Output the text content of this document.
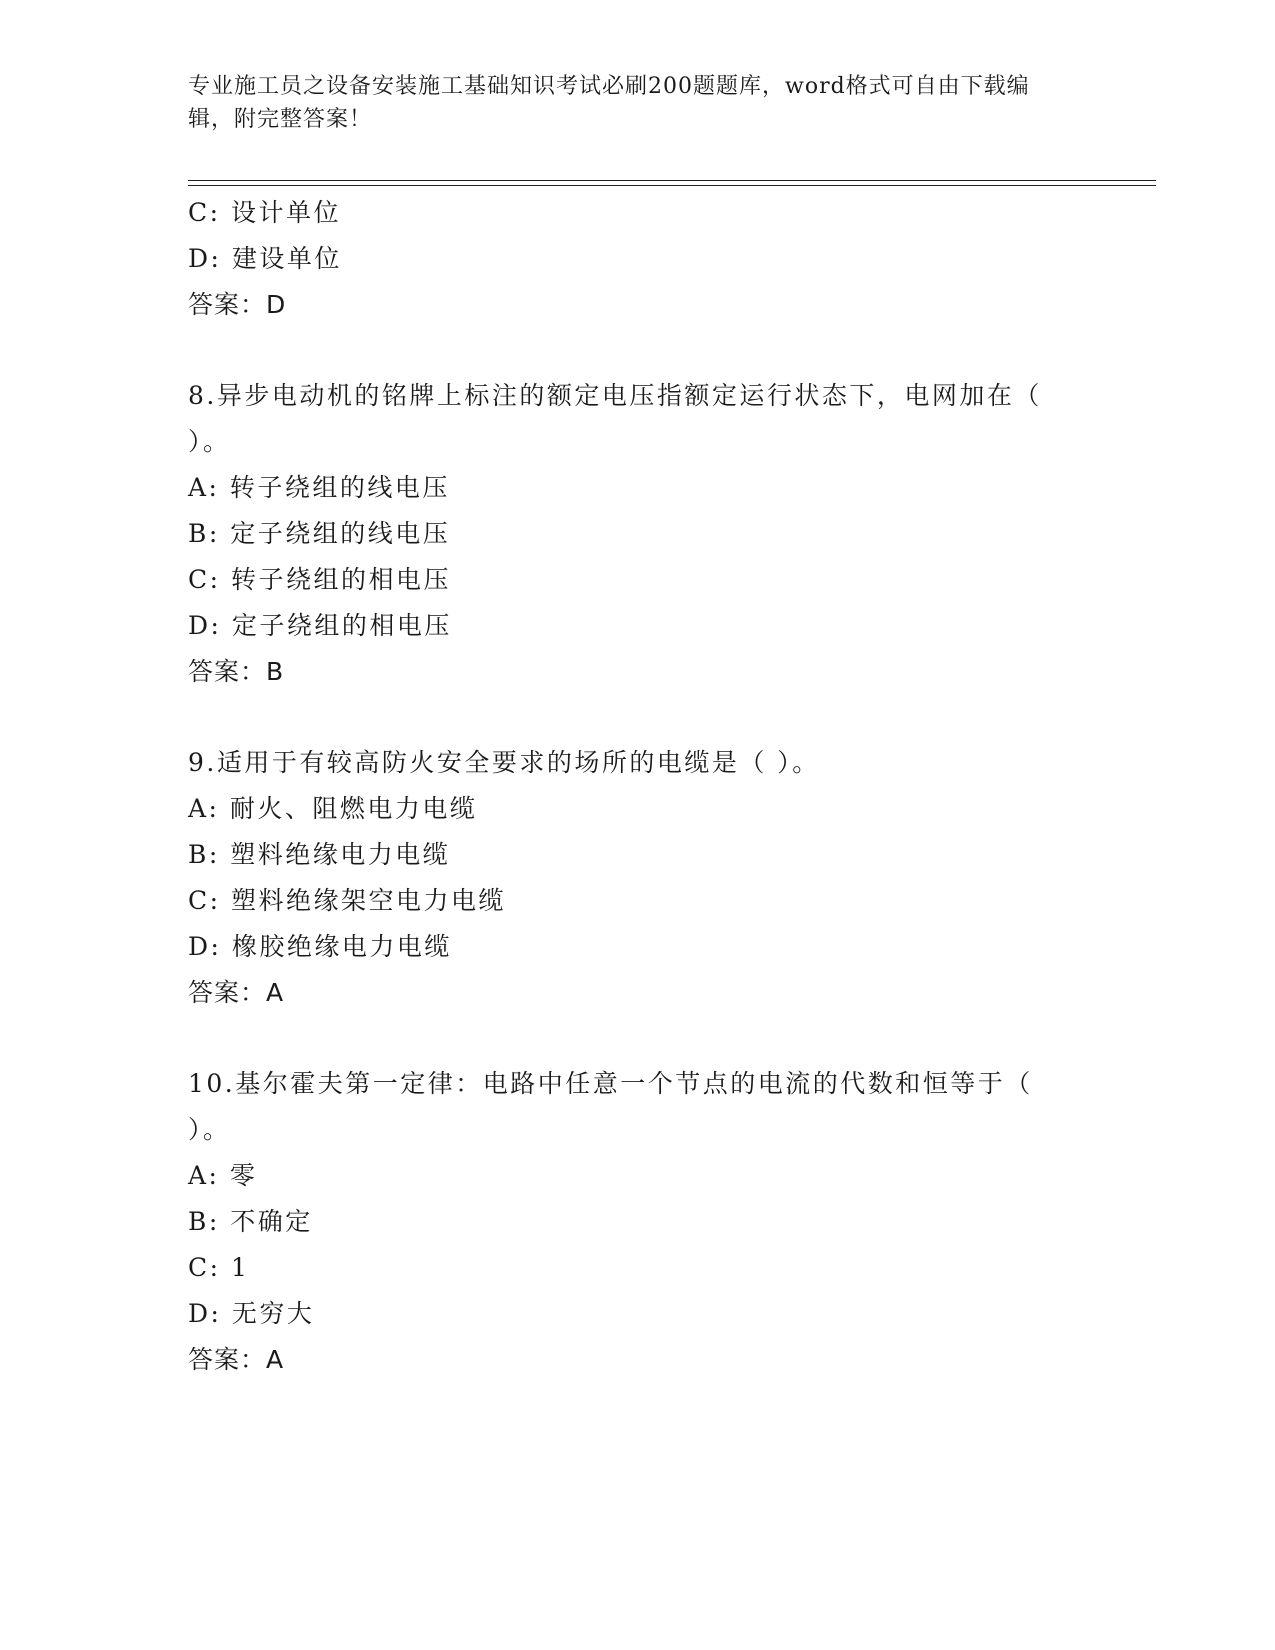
专业施工员之设备安装施工基础知识考试必刷200题题库，word格式可自由下载编辑，附完整答案！
C: 设计单位
D: 建设单位
答案：D
8.异步电动机的铭牌上标注的额定电压指额定运行状态下，电网加在（ ）。
A: 转子绕组的线电压
B: 定子绕组的线电压
C: 转子绕组的相电压
D: 定子绕组的相电压
答案：B
9.适用于有较高防火安全要求的场所的电缆是（ ）。
A: 耐火、阻燃电力电缆
B: 塑料绝缘电力电缆
C: 塑料绝缘架空电力电缆
D: 橡胶绝缘电力电缆
答案：A
10.基尔霍夫第一定律：电路中任意一个节点的电流的代数和恒等于（ ）。
A: 零
B: 不确定
C: 1
D: 无穷大
答案：A
